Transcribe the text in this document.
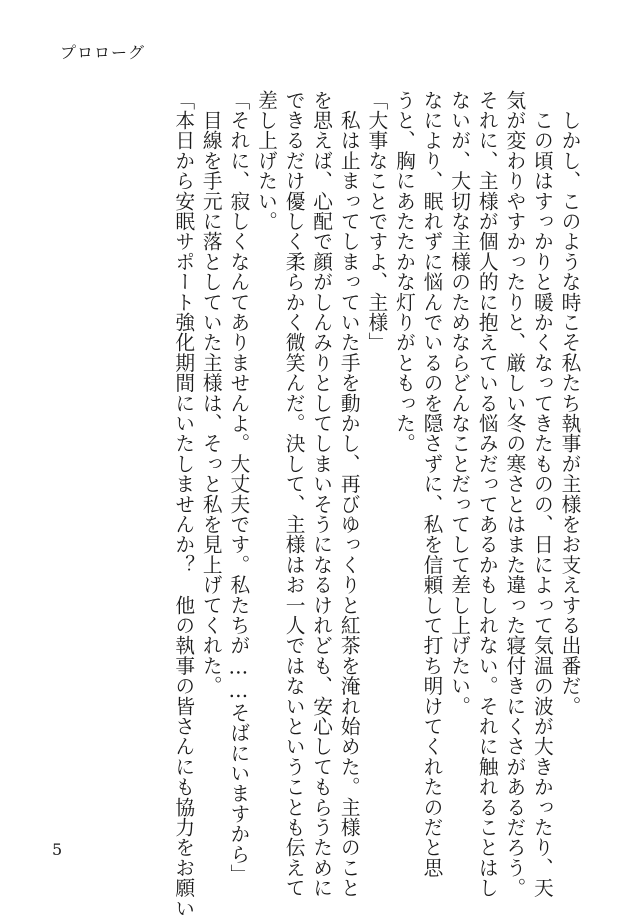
プロローグ

　しかし、このような時こそ私たち執事が主様をお支えする出番だ。

　この頃はすっかりと暖かくなってきたものの、日によって気温の波が大きかったり、天

気が変わりやすかったりと、厳しい冬の寒さとはまた違った寝付きにくさがあるだろう。

それに、主様が個人的に抱えている悩みだってあるかもしれない。それに触れることはし

ないが、大切な主様のためならどんなことだってして差し上げたい。

なにより、眠れずに悩んでいるのを隠さずに、私を信頼して打ち明けてくれたのだと思

うと、胸にあたたかな灯りがともった。

「大事なことですよ、主様」

　私は止まってしまっていた手を動かし、再びゆっくりと紅茶を淹れ始めた。主様のこと

を思えば、心配で顔がしんみりとしてしまいそうになるけれども、安心してもらうために

できるだけ優しく柔らかく微笑んだ。決して、主様はお一人ではないということも伝えて

差し上げたい。

「それに、寂しくなんてありませんよ。大丈夫です。私たちが……そばにいますから」

　目線を手元に落としていた主様は、そっと私を見上げてくれた。

「本日から安眠サポート強化期間にいたしませんか？　他の執事の皆さんにも協力をお願い

5
